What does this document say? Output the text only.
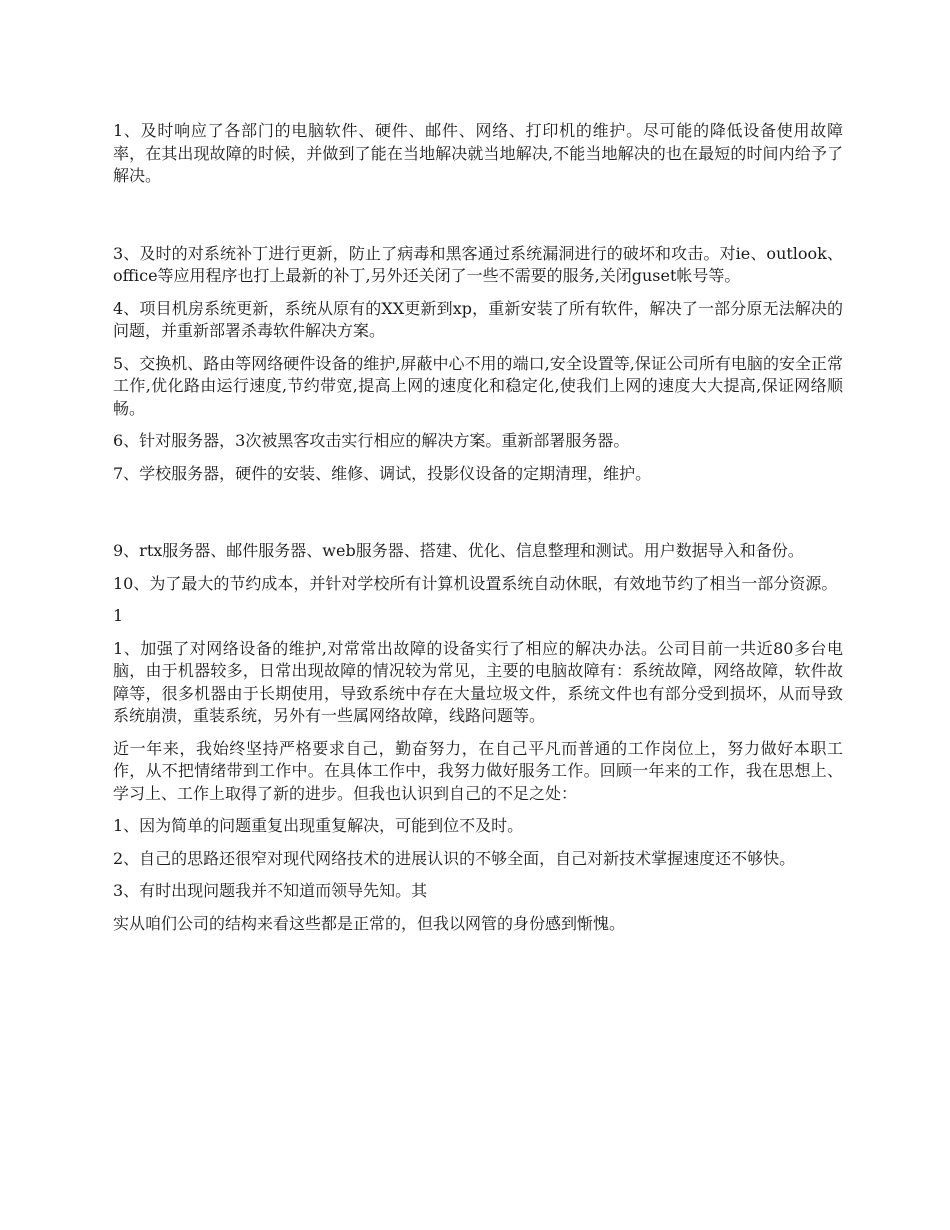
1、及时响应了各部门的电脑软件、硬件、邮件、网络、打印机的维护。尽可能的降低设备使用故障率，在其出现故障的时候，并做到了能在当地解决就当地解决,不能当地解决的也在最短的时间内给予了解决。

3、及时的对系统补丁进行更新，防止了病毒和黑客通过系统漏洞进行的破坏和攻击。对ie、outlook、office等应用程序也打上最新的补丁,另外还关闭了一些不需要的服务,关闭guset帐号等。

4、项目机房系统更新，系统从原有的XX更新到xp，重新安装了所有软件，解决了一部分原无法解决的问题，并重新部署杀毒软件解决方案。

5、交换机、路由等网络硬件设备的维护,屏蔽中心不用的端口,安全设置等,保证公司所有电脑的安全正常工作,优化路由运行速度,节约带宽,提高上网的速度化和稳定化,使我们上网的速度大大提高,保证网络顺畅。

6、针对服务器，3次被黑客攻击实行相应的解决方案。重新部署服务器。

7、学校服务器，硬件的安装、维修、调试，投影仪设备的定期清理，维护。

9、rtx服务器、邮件服务器、web服务器、搭建、优化、信息整理和测试。用户数据导入和备份。

10、为了最大的节约成本，并针对学校所有计算机设置系统自动休眠，有效地节约了相当一部分资源。

1

1、加强了对网络设备的维护,对常常出故障的设备实行了相应的解决办法。公司目前一共近80多台电脑，由于机器较多，日常出现故障的情况较为常见，主要的电脑故障有：系统故障，网络故障，软件故障等，很多机器由于长期使用，导致系统中存在大量垃圾文件，系统文件也有部分受到损坏，从而导致系统崩溃，重装系统，另外有一些属网络故障，线路问题等。

近一年来，我始终坚持严格要求自己，勤奋努力，在自己平凡而普通的工作岗位上，努力做好本职工作，从不把情绪带到工作中。在具体工作中，我努力做好服务工作。回顾一年来的工作，我在思想上、学习上、工作上取得了新的进步。但我也认识到自己的不足之处：

1、因为简单的问题重复出现重复解决，可能到位不及时。

2、自己的思路还很窄对现代网络技术的进展认识的不够全面，自己对新技术掌握速度还不够快。

3、有时出现问题我并不知道而领导先知。其

实从咱们公司的结构来看这些都是正常的，但我以网管的身份感到惭愧。
